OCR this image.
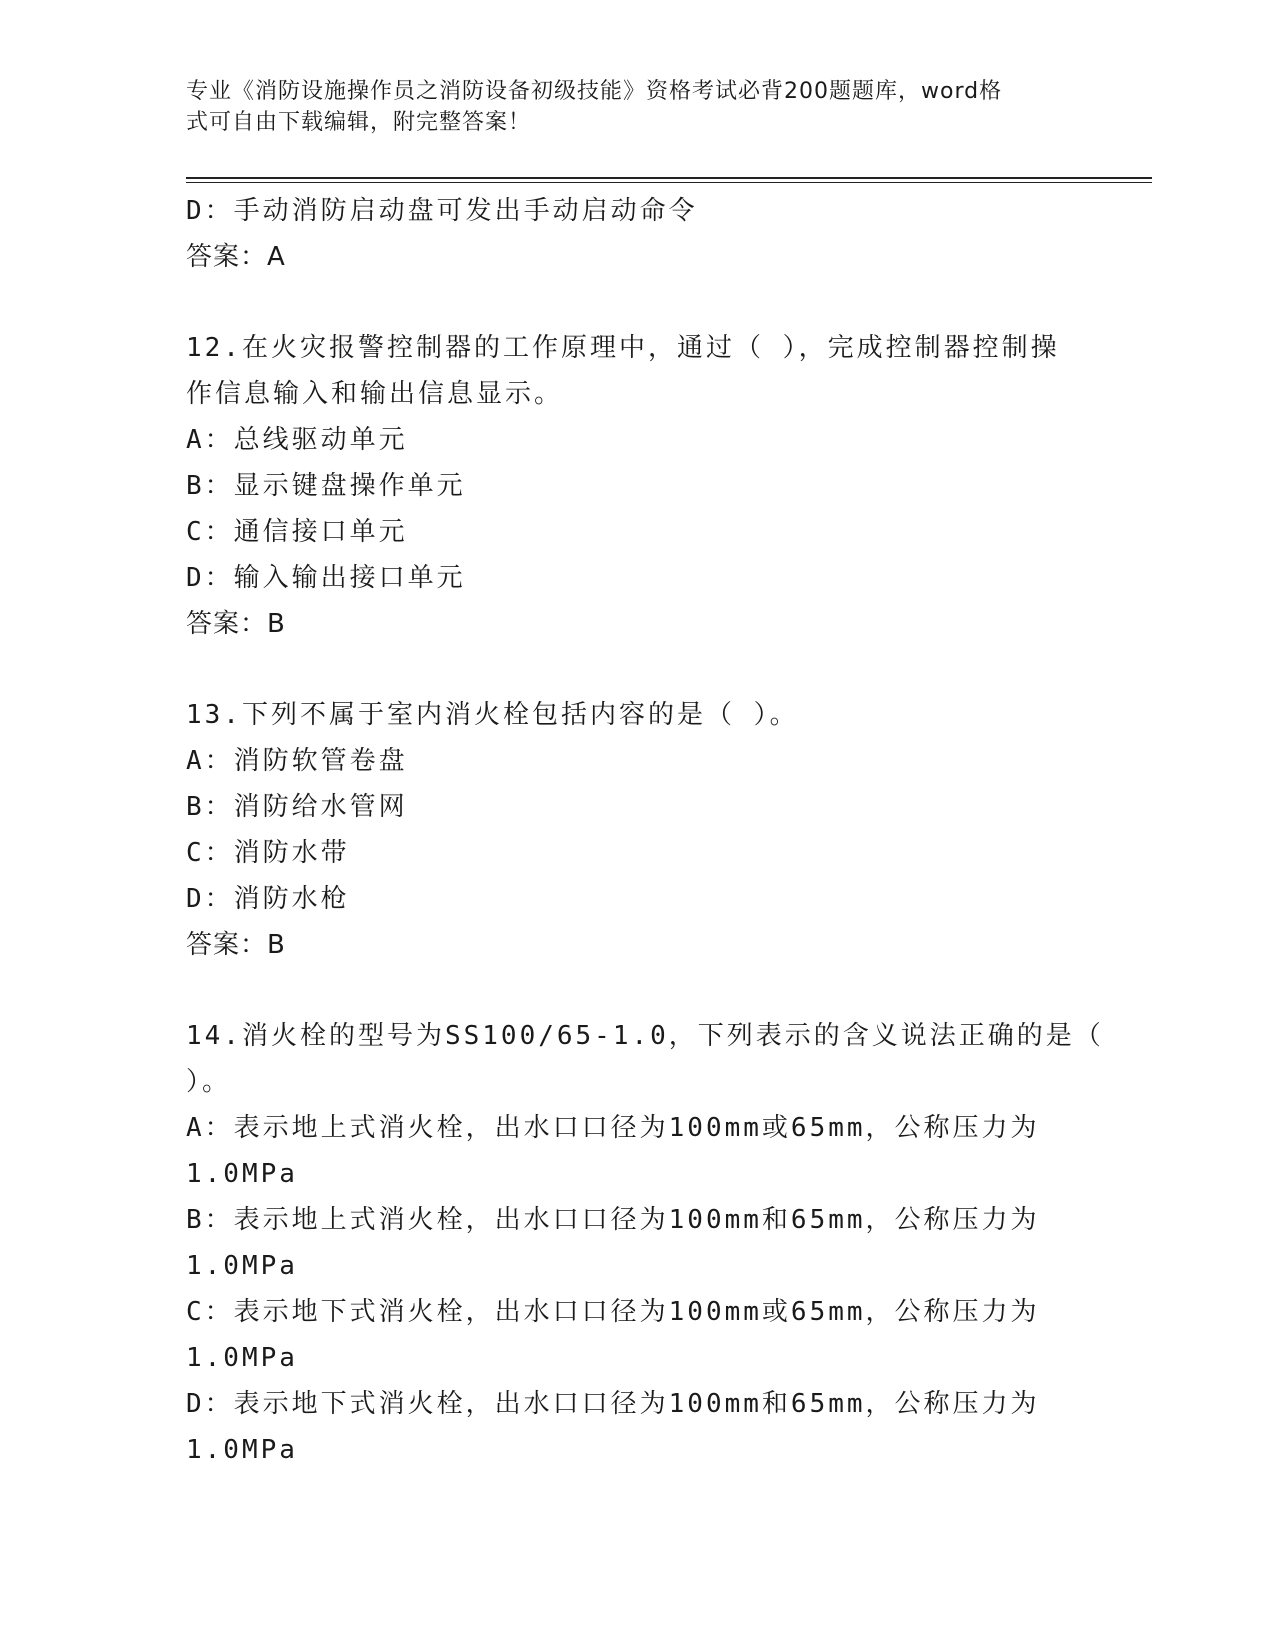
专业《消防设施操作员之消防设备初级技能》资格考试必背200题题库，word格
式可自由下载编辑，附完整答案！
D：手动消防启动盘可发出手动启动命令
答案：A
12.在火灾报警控制器的工作原理中，通过（ ），完成控制器控制操
作信息输入和输出信息显示。
A：总线驱动单元
B：显示键盘操作单元
C：通信接口单元
D：输入输出接口单元
答案：B
13.下列不属于室内消火栓包括内容的是（ ）。
A：消防软管卷盘
B：消防给水管网
C：消防水带
D：消防水枪
答案：B
14.消火栓的型号为SS100/65-1.0，下列表示的含义说法正确的是（
）。
A：表示地上式消火栓，出水口口径为100mm或65mm，公称压力为
1.0MPa
B：表示地上式消火栓，出水口口径为100mm和65mm，公称压力为
1.0MPa
C：表示地下式消火栓，出水口口径为100mm或65mm，公称压力为
1.0MPa
D：表示地下式消火栓，出水口口径为100mm和65mm，公称压力为
1.0MPa
